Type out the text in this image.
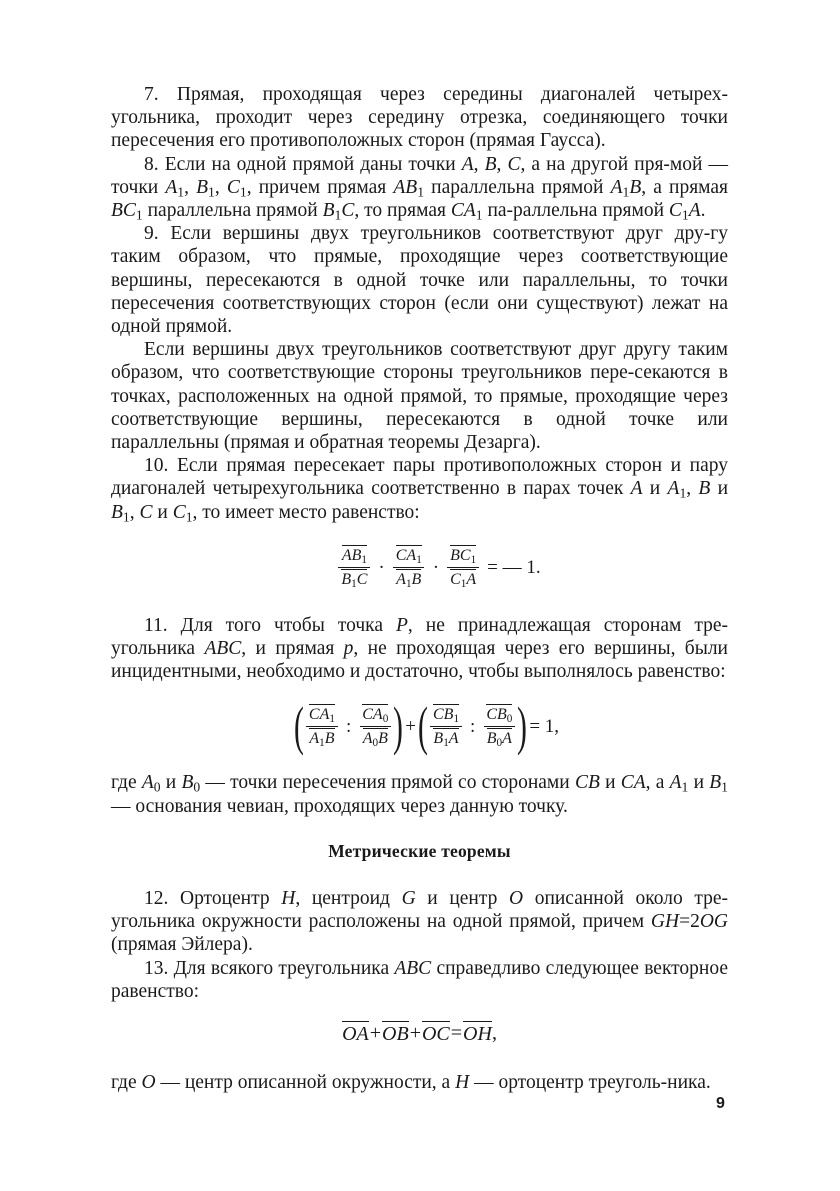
7. Прямая, проходящая через середины диагоналей четырех-угольника, проходит через середину отрезка, соединяющего точки пересечения его противоположных сторон (прямая Гаусса).

8. Если на одной прямой даны точки A, B, C, а на другой пря-мой — точки $A_1$, $B_1$, $C_1$, причем прямая $AB_1$ параллельна прямой $A_1B$, а прямая $BC_1$ параллельна прямой $B_1C$, то прямая $CA_1$ па-раллельна прямой $C_1A$.

9. Если вершины двух треугольников соответствуют друг дру-гу таким образом, что прямые, проходящие через соответствующие вершины, пересекаются в одной точке или параллельны, то точки пересечения соответствующих сторон (если они существуют) лежат на одной прямой.

Если вершины двух треугольников соответствуют друг другу таким образом, что соответствующие стороны треугольников пере-секаются в точках, расположенных на одной прямой, то прямые, проходящие через соответствующие вершины, пересекаются в одной точке или параллельны (прямая и обратная теоремы Дезарга).

10. Если прямая пересекает пары противоположных сторон и пару диагоналей четырехугольника соответственно в парах точек A и $A_1$, B и $B_1$, C и $C_1$, то имеет место равенство:

$\frac{AB_1}{B_1C} \cdot \frac{CA_1}{A_1B} \cdot \frac{BC_1}{C_1A}$ = — 1.

11. Для того чтобы точка P, не принадлежащая сторонам тре-угольника ABC, и прямая p, не проходящая через его вершины, были инцидентными, необходимо и достаточно, чтобы выполнялось равенство:

( $\frac{CA_1}{A_1B}$ : $\frac{CA_0}{A_0B}$ ) + ( $\frac{CB_1}{B_1A}$ : $\frac{CB_0}{B_0A}$ ) = 1,

где $A_0$ и $B_0$ — точки пересечения прямой со сторонами CB и CA, а $A_1$ и $B_1$ — основания чевиан, проходящих через данную точку.

Метрические теоремы

12. Ортоцентр H, центроид G и центр O описанной около тре-угольника окружности расположены на одной прямой, причем GH=2OG (прямая Эйлера).

13. Для всякого треугольника ABC справедливо следующее векторное равенство:

OA + OB + OC = OH ,

где O — центр описанной окружности, а H — ортоцентр треуголь-ника.

9
